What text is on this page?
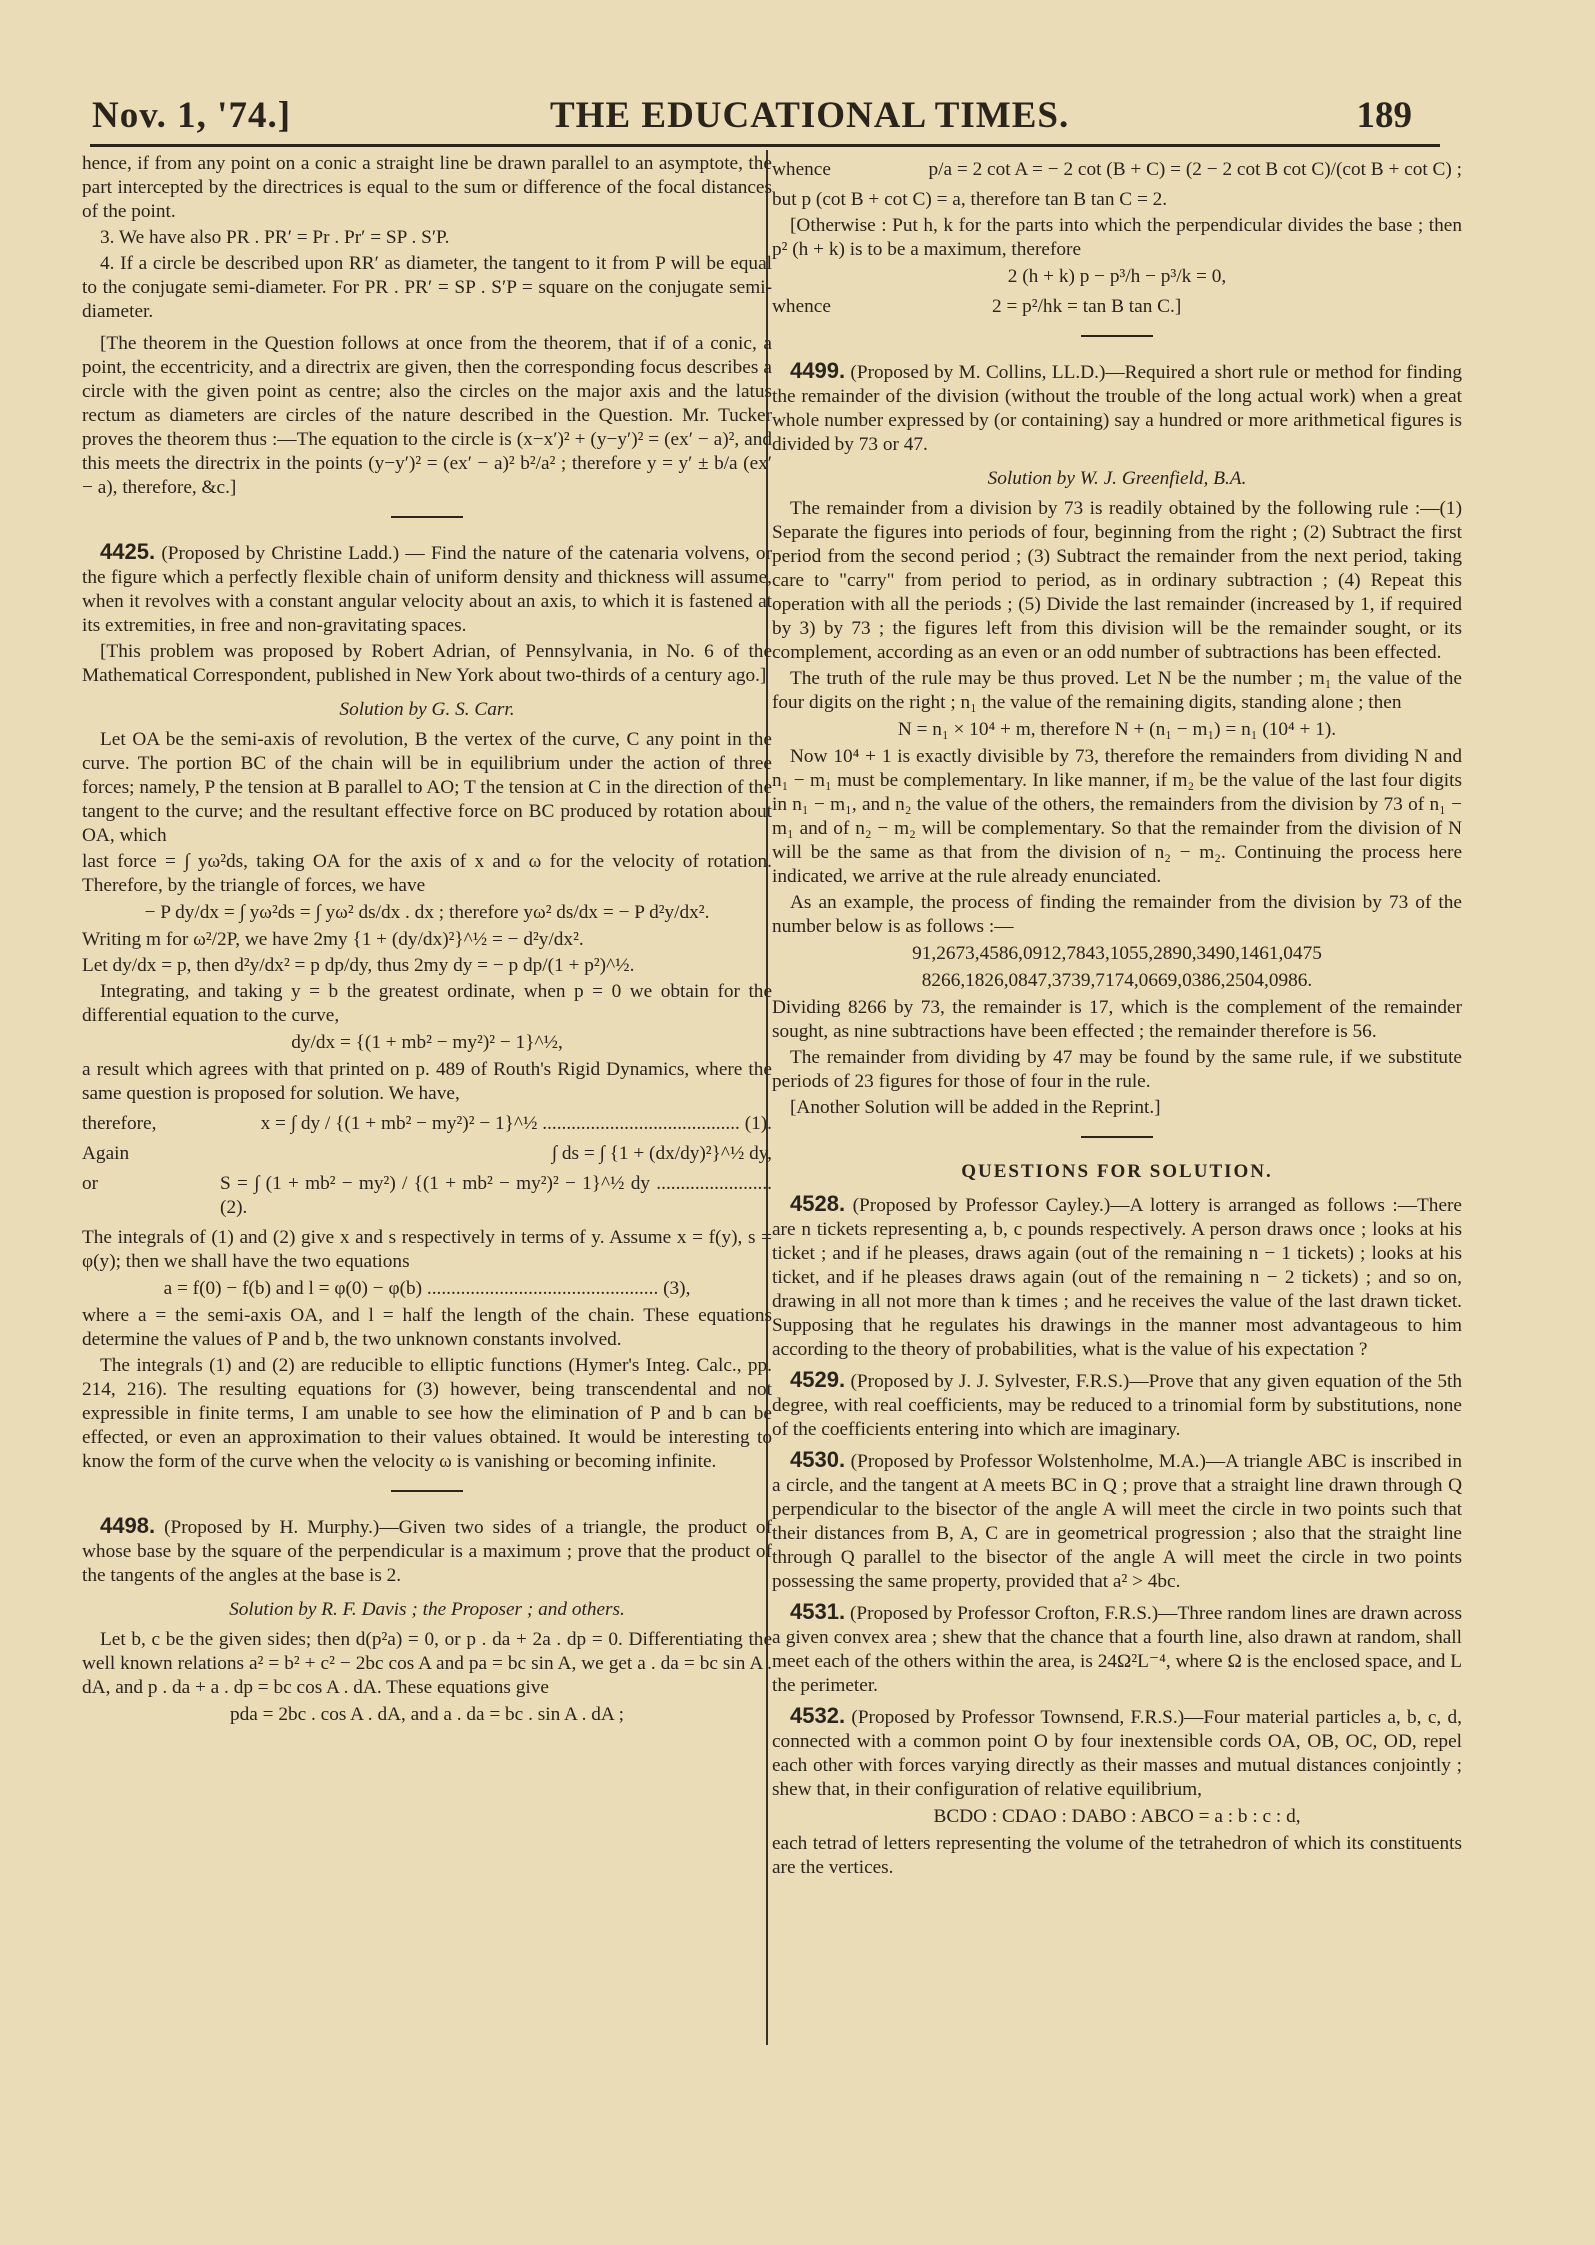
Nov. 1, '74.]	THE EDUCATIONAL TIMES.	189

hence, if from any point on a conic a straight line be drawn parallel to an asymptote, the part intercepted by the directrices is equal to the sum or difference of the focal distances of the point.

3. We have also PR . PR′ = Pr . Pr′ = SP . S′P.

4. If a circle be described upon RR′ as diameter, the tangent to it from P will be equal to the conjugate semi-diameter. For PR . PR′ = SP . S′P = square on the conjugate semi-diameter.

[The theorem in the Question follows at once from the theorem, that if of a conic, a point, the eccentricity, and a directrix are given, then the corresponding focus describes a circle with the given point as centre; also the circles on the major axis and the latus rectum as diameters are circles of the nature described in the Question. Mr. Tucker proves the theorem thus :—The equation to the circle is (x−x′)² + (y−y′)² = (ex′ − a)², and this meets the directrix in the points (y−y′)² = (ex′ − a)² b²/a² ; therefore y = y′ ± b/a (ex′ − a), therefore, &c.]

4425. (Proposed by Christine Ladd.) — Find the nature of the catenaria volvens, or the figure which a perfectly flexible chain of uniform density and thickness will assume, when it revolves with a constant angular velocity about an axis, to which it is fastened at its extremities, in free and non-gravitating spaces.

[This problem was proposed by Robert Adrian, of Pennsylvania, in No. 6 of the Mathematical Correspondent, published in New York about two-thirds of a century ago.]

Solution by G. S. Carr.

Let OA be the semi-axis of revolution, B the vertex of the curve, C any point in the curve. The portion BC of the chain will be in equilibrium under the action of three forces; namely, P the tension at B parallel to AO; T the tension at C in the direction of the tangent to the curve; and the resultant effective force on BC produced by rotation about OA, which

last force = ∫ yω²ds, taking OA for the axis of x and ω for the velocity of rotation. Therefore, by the triangle of forces, we have

− P dy/dx = ∫ yω²ds = ∫ yω² ds/dx . dx ; therefore yω² ds/dx = − P d²y/dx².

Writing m for ω²/2P, we have 2my {1 + (dy/dx)²}^½ = − d²y/dx².

Let dy/dx = p, then d²y/dx² = p dp/dy, thus 2my dy = − p dp/(1 + p²)^½.

Integrating, and taking y = b the greatest ordinate, when p = 0 we obtain for the differential equation to the curve,

dy/dx = {(1 + mb² − my²)² − 1}^½,

a result which agrees with that printed on p. 489 of Routh's Rigid Dynamics, where the same question is proposed for solution. We have,

therefore,	x = ∫ dy / {(1 + mb² − my²)² − 1}^½ ......................................... (1).
Again	∫ ds = ∫ {1 + (dx/dy)²}^½ dy,
or	S = ∫ (1 + mb² − my²) / {(1 + mb² − my²)² − 1}^½ dy ........................ (2).

The integrals of (1) and (2) give x and s respectively in terms of y. Assume x = f(y), s = φ(y); then we shall have the two equations

a = f(0) − f(b) and l = φ(0) − φ(b) ................................................ (3),

where a = the semi-axis OA, and l = half the length of the chain. These equations determine the values of P and b, the two unknown constants involved.

The integrals (1) and (2) are reducible to elliptic functions (Hymer's Integ. Calc., pp. 214, 216). The resulting equations for (3) however, being transcendental and not expressible in finite terms, I am unable to see how the elimination of P and b can be effected, or even an approximation to their values obtained. It would be interesting to know the form of the curve when the velocity ω is vanishing or becoming infinite.

4498. (Proposed by H. Murphy.)—Given two sides of a triangle, the product of whose base by the square of the perpendicular is a maximum ; prove that the product of the tangents of the angles at the base is 2.

Solution by R. F. Davis ; the Proposer ; and others.

Let b, c be the given sides; then d(p²a) = 0, or p . da + 2a . dp = 0. Differentiating the well known relations a² = b² + c² − 2bc cos A and pa = bc sin A, we get a . da = bc sin A . dA, and p . da + a . dp = bc cos A . dA. These equations give

pda = 2bc . cos A . dA, and a . da = bc . sin A . dA ;

whence	p/a = 2 cot A = − 2 cot (B + C) = (2 − 2 cot B cot C)/(cot B + cot C) ;

but p (cot B + cot C) = a, therefore tan B tan C = 2.

[Otherwise : Put h, k for the parts into which the perpendicular divides the base ; then p² (h + k) is to be a maximum, therefore

2 (h + k) p − p³/h − p³/k = 0,

whence	2 = p²/hk = tan B tan C.]

4499. (Proposed by M. Collins, LL.D.)—Required a short rule or method for finding the remainder of the division (without the trouble of the long actual work) when a great whole number expressed by (or containing) say a hundred or more arithmetical figures is divided by 73 or 47.

Solution by W. J. Greenfield, B.A.

The remainder from a division by 73 is readily obtained by the following rule :—(1) Separate the figures into periods of four, beginning from the right ; (2) Subtract the first period from the second period ; (3) Subtract the remainder from the next period, taking care to "carry" from period to period, as in ordinary subtraction ; (4) Repeat this operation with all the periods ; (5) Divide the last remainder (increased by 1, if required by 3) by 73 ; the figures left from this division will be the remainder sought, or its complement, according as an even or an odd number of subtractions has been effected.

The truth of the rule may be thus proved. Let N be the number ; m₁ the value of the four digits on the right ; n₁ the value of the remaining digits, standing alone ; then

N = n₁ × 10⁴ + m, therefore N + (n₁ − m₁) = n₁ (10⁴ + 1).

Now 10⁴ + 1 is exactly divisible by 73, therefore the remainders from dividing N and n₁ − m₁ must be complementary. In like manner, if m₂ be the value of the last four digits in n₁ − m₁, and n₂ the value of the others, the remainders from the division by 73 of n₁ − m₁ and of n₂ − m₂ will be complementary. So that the remainder from the division of N will be the same as that from the division of n₂ − m₂. Continuing the process here indicated, we arrive at the rule already enunciated.

As an example, the process of finding the remainder from the division by 73 of the number below is as follows :—

91,2673,4586,0912,7843,1055,2890,3490,1461,0475

8266,1826,0847,3739,7174,0669,0386,2504,0986.

Dividing 8266 by 73, the remainder is 17, which is the complement of the remainder sought, as nine subtractions have been effected ; the remainder therefore is 56.

The remainder from dividing by 47 may be found by the same rule, if we substitute periods of 23 figures for those of four in the rule.

[Another Solution will be added in the Reprint.]

QUESTIONS FOR SOLUTION.

4528. (Proposed by Professor Cayley.)—A lottery is arranged as follows :—There are n tickets representing a, b, c pounds respectively. A person draws once ; looks at his ticket ; and if he pleases, draws again (out of the remaining n − 1 tickets) ; looks at his ticket, and if he pleases draws again (out of the remaining n − 2 tickets) ; and so on, drawing in all not more than k times ; and he receives the value of the last drawn ticket. Supposing that he regulates his drawings in the manner most advantageous to him according to the theory of probabilities, what is the value of his expectation ?

4529. (Proposed by J. J. Sylvester, F.R.S.)—Prove that any given equation of the 5th degree, with real coefficients, may be reduced to a trinomial form by substitutions, none of the coefficients entering into which are imaginary.

4530. (Proposed by Professor Wolstenholme, M.A.)—A triangle ABC is inscribed in a circle, and the tangent at A meets BC in Q ; prove that a straight line drawn through Q perpendicular to the bisector of the angle A will meet the circle in two points such that their distances from B, A, C are in geometrical progression ; also that the straight line through Q parallel to the bisector of the angle A will meet the circle in two points possessing the same property, provided that a² > 4bc.

4531. (Proposed by Professor Crofton, F.R.S.)—Three random lines are drawn across a given convex area ; shew that the chance that a fourth line, also drawn at random, shall meet each of the others within the area, is 24Ω²L⁻⁴, where Ω is the enclosed space, and L the perimeter.

4532. (Proposed by Professor Townsend, F.R.S.)—Four material particles a, b, c, d, connected with a common point O by four inextensible cords OA, OB, OC, OD, repel each other with forces varying directly as their masses and mutual distances conjointly ; shew that, in their configuration of relative equilibrium,

BCDO : CDAO : DABO : ABCO = a : b : c : d,

each tetrad of letters representing the volume of the tetrahedron of which its constituents are the vertices.
